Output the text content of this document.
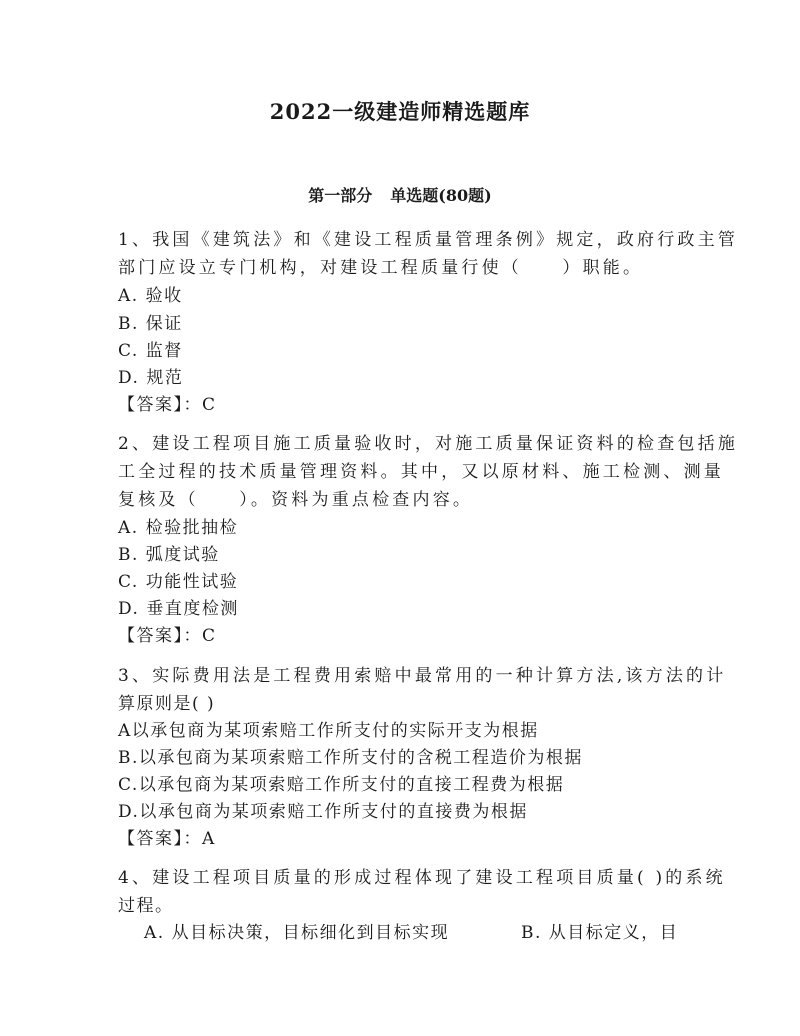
2022一级建造师精选题库
第一部分 单选题(80题)
1、我国《建筑法》和《建设工程质量管理条例》规定，政府行政主管
部门应设立专门机构，对建设工程质量行使（　　）职能。
A. 验收
B. 保证
C. 监督
D. 规范
【答案】：C
2、建设工程项目施工质量验收时，对施工质量保证资料的检查包括施
工全过程的技术质量管理资料。其中，又以原材料、施工检测、测量
复核及（　　）。资料为重点检查内容。
A. 检验批抽检
B. 弧度试验
C. 功能性试验
D. 垂直度检测
【答案】：C
3、实际费用法是工程费用索赔中最常用的一种计算方法,该方法的计
算原则是( )
A以承包商为某项索赔工作所支付的实际开支为根据
B.以承包商为某项索赔工作所支付的含税工程造价为根据
C.以承包商为某项索赔工作所支付的直接工程费为根据
D.以承包商为某项索赔工作所支付的直接费为根据
【答案】：A
4、建设工程项目质量的形成过程体现了建设工程项目质量( )的系统
过程。
A. 从目标决策，目标细化到目标实现	B. 从目标定义，目
